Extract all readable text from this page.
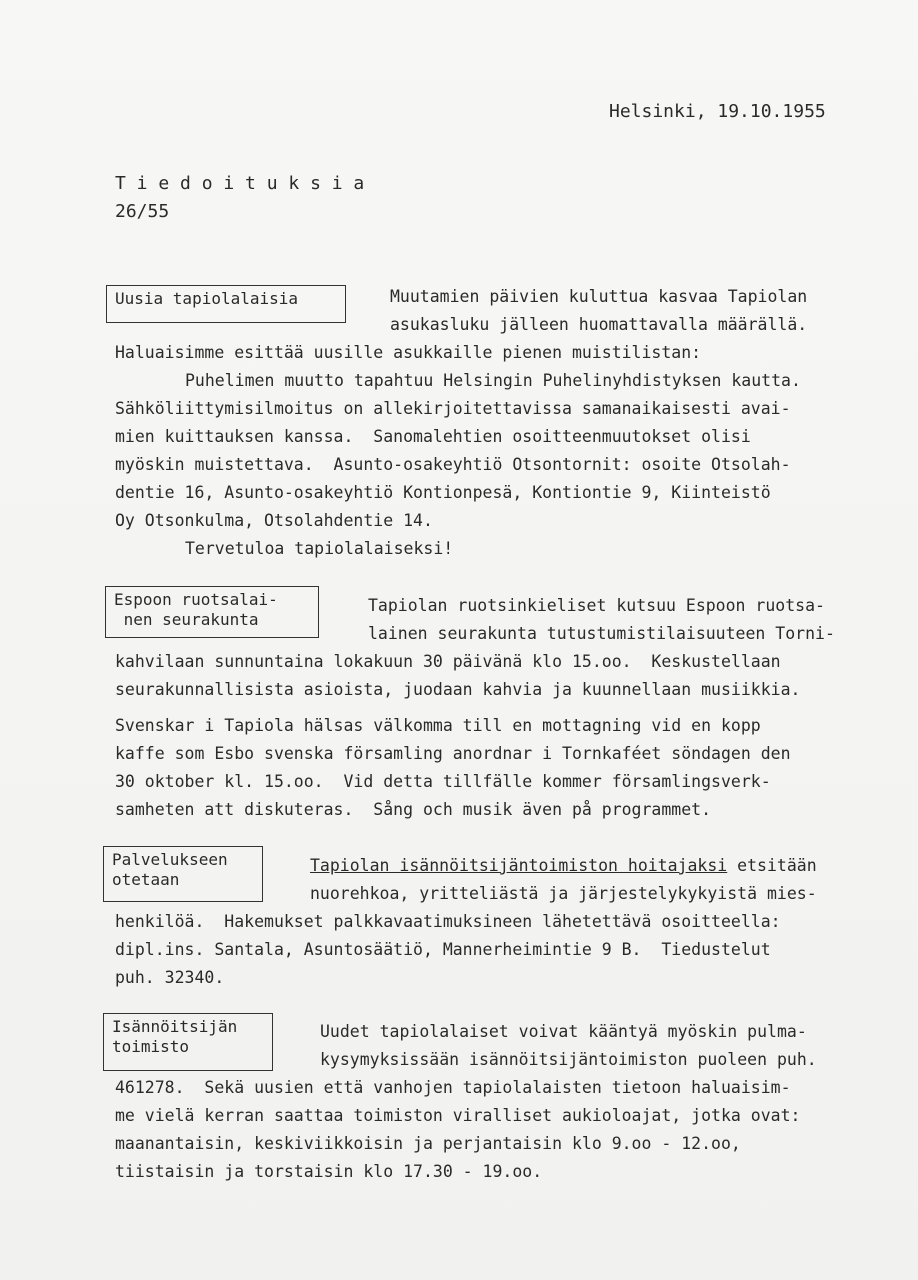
Helsinki, 19.10.1955
T i e d o i t u k s i a
26/55
Uusia tapiolalaisia	Muutamien päivien kuluttua kasvaa Tapiolan
asukasluku jälleen huomattavalla määrällä.
Haluaisimme esittää uusille asukkaille pienen muistilistan:
Puhelimen muutto tapahtuu Helsingin Puhelinyhdistyksen kautta.
Sähköliittymisilmoitus on allekirjoitettavissa samanaikaisesti avai-
mien kuittauksen kanssa.  Sanomalehtien osoitteenmuutokset olisi
myöskin muistettava.  Asunto-osakeyhtiö Otsontornit: osoite Otsolah-
dentie 16, Asunto-osakeyhtiö Kontionpesä, Kontiontie 9, Kiinteistö
Oy Otsonkulma, Otsolahdentie 14.
Tervetuloa tapiolalaiseksi!
Espoon ruotsalai-
nen seurakunta
Tapiolan ruotsinkieliset kutsuu Espoon ruotsa-
lainen seurakunta tutustumistilaisuuteen Torni-
kahvilaan sunnuntaina lokakuun 30 päivänä klo 15.oo.  Keskustellaan
seurakunnallisista asioista, juodaan kahvia ja kuunnellaan musiikkia.
Svenskar i Tapiola hälsas välkomma till en mottagning vid en kopp
kaffe som Esbo svenska församling anordnar i Tornkaféet söndagen den
30 oktober kl. 15.oo.  Vid detta tillfälle kommer församlingsverk-
samheten att diskuteras.  Sång och musik även på programmet.
Palvelukseen
otetaan
Tapiolan isännöitsijäntoimiston hoitajaksi etsitään
nuorehkoa, yritteliästä ja järjestelykykyistä mies-
henkilöä.  Hakemukset palkkavaatimuksineen lähetettävä osoitteella:
dipl.ins. Santala, Asuntosäätiö, Mannerheimintie 9 B.  Tiedustelut
puh. 32340.
Isännöitsijän
toimisto
Uudet tapiolalaiset voivat kääntyä myöskin pulma-
kysymyksissään isännöitsijäntoimiston puoleen puh.
461278.  Sekä uusien että vanhojen tapiolalaisten tietoon haluaisim-
me vielä kerran saattaa toimiston viralliset aukioloajat, jotka ovat:
maanantaisin, keskiviikkoisin ja perjantaisin klo 9.oo - 12.oo,
tiistaisin ja torstaisin klo 17.30 - 19.oo.
